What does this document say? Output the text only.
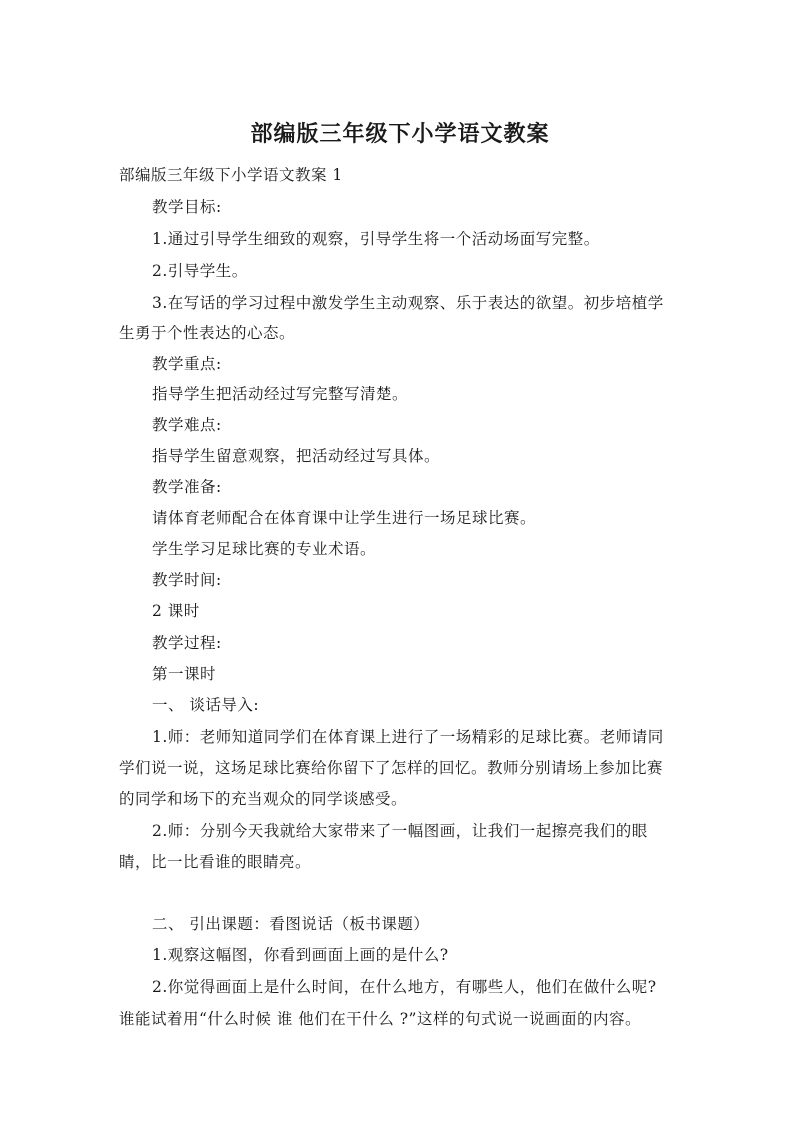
部编版三年级下小学语文教案
部编版三年级下小学语文教案 1
教学目标:
1.通过引导学生细致的观察，引导学生将一个活动场面写完整。
2.引导学生。
3.在写话的学习过程中激发学生主动观察、乐于表达的欲望。初步培植学
生勇于个性表达的心态。
教学重点:
指导学生把活动经过写完整写清楚。
教学难点:
指导学生留意观察，把活动经过写具体。
教学准备:
请体育老师配合在体育课中让学生进行一场足球比赛。
学生学习足球比赛的专业术语。
教学时间:
2 课时
教学过程:
第一课时
一、 谈话导入:
1.师：老师知道同学们在体育课上进行了一场精彩的足球比赛。老师请同
学们说一说，这场足球比赛给你留下了怎样的回忆。教师分别请场上参加比赛
的同学和场下的充当观众的同学谈感受。
2.师：分别今天我就给大家带来了一幅图画，让我们一起擦亮我们的眼
睛，比一比看谁的眼睛亮。
二、 引出课题：看图说话（板书课题）
1.观察这幅图，你看到画面上画的是什么?
2.你觉得画面上是什么时间，在什么地方，有哪些人，他们在做什么呢?
谁能试着用“什么时候 谁 他们在干什么 ?”这样的句式说一说画面的内容。
